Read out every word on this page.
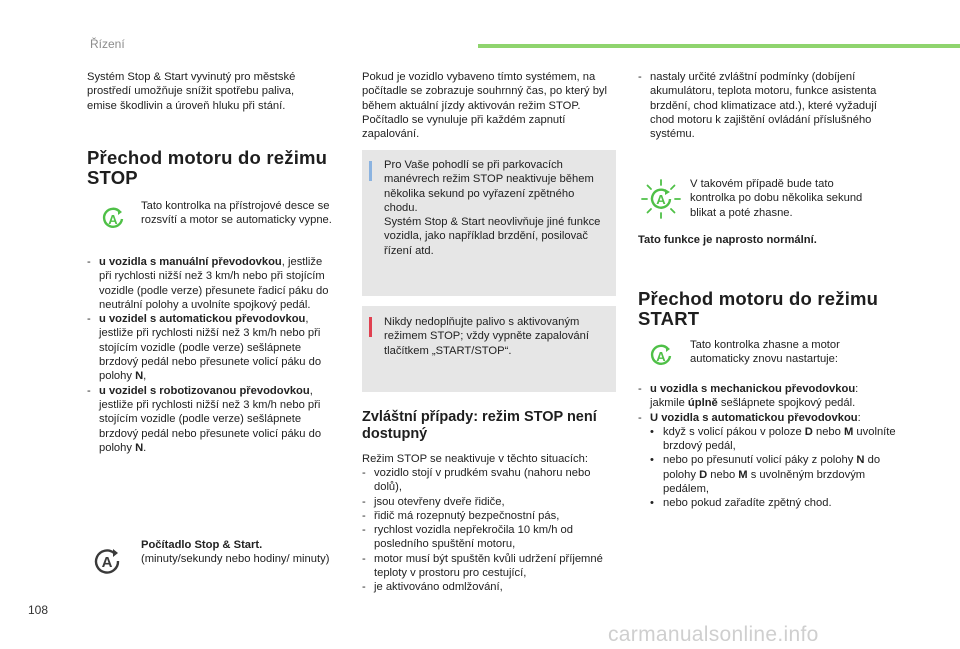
Řízení
Systém Stop & Start vyvinutý pro městské prostředí umožňuje snížit spotřebu paliva, emise škodlivin a úroveň hluku při stání.
Přechod motoru do režimu STOP
A
Tato kontrolka na přístrojové desce se rozsvítí a motor se automaticky vypne.
- u vozidla s manuální převodovkou, jestliže při rychlosti nižší než 3 km/h nebo při stojícím vozidle (podle verze) přesunete řadicí páku do neutrální polohy a uvolníte spojkový pedál.
- u vozidel s automatickou převodovkou, jestliže při rychlosti nižší než 3 km/h nebo při stojícím vozidle (podle verze) sešlápnete brzdový pedál nebo přesunete volicí páku do polohy N,
- u vozidel s robotizovanou převodovkou, jestliže při rychlosti nižší než 3 km/h nebo při stojícím vozidle (podle verze) sešlápnete brzdový pedál nebo přesunete volicí páku do polohy N.
A
Počítadlo Stop & Start.
(minuty/sekundy nebo hodiny/ minuty)
Pokud je vozidlo vybaveno tímto systémem, na počítadle se zobrazuje souhrnný čas, po který byl během aktuální jízdy aktivován režim STOP. Počítadlo se vynuluje při každém zapnutí zapalování.
Pro Vaše pohodlí se při parkovacích manévrech režim STOP neaktivuje během několika sekund po vyřazení zpětného chodu.
Systém Stop & Start neovlivňuje jiné funkce vozidla, jako například brzdění, posilovač řízení atd.
Nikdy nedoplňujte palivo s aktivovaným režimem STOP; vždy vypněte zapalování tlačítkem „START/STOP“.
Zvláštní případy: režim STOP není dostupný
Režim STOP se neaktivuje v těchto situacích:
- vozidlo stojí v prudkém svahu (nahoru nebo dolů),
- jsou otevřeny dveře řidiče,
- řidič má rozepnutý bezpečnostní pás,
- rychlost vozidla nepřekročila 10 km/h od posledního spuštění motoru,
- motor musí být spuštěn kvůli udržení příjemné teploty v prostoru pro cestující,
- je aktivováno odmlžování,
- nastaly určité zvláštní podmínky (dobíjení akumulátoru, teplota motoru, funkce asistenta brzdění, chod klimatizace atd.), které vyžadují chod motoru k zajištění ovládání příslušného systému.
A
V takovém případě bude tato kontrolka po dobu několika sekund blikat a poté zhasne.
Tato funkce je naprosto normální.
Přechod motoru do režimu START
A
Tato kontrolka zhasne a motor automaticky znovu nastartuje:
- u vozidla s mechanickou převodovkou:
jakmile úplně sešlápnete spojkový pedál.
- U vozidla s automatickou převodovkou:
• když s volicí pákou v poloze D nebo M uvolníte brzdový pedál,
• nebo po přesunutí volicí páky z polohy N do polohy D nebo M s uvolněným brzdovým pedálem,
• nebo pokud zařadíte zpětný chod.
108
carmanualsonline.info
